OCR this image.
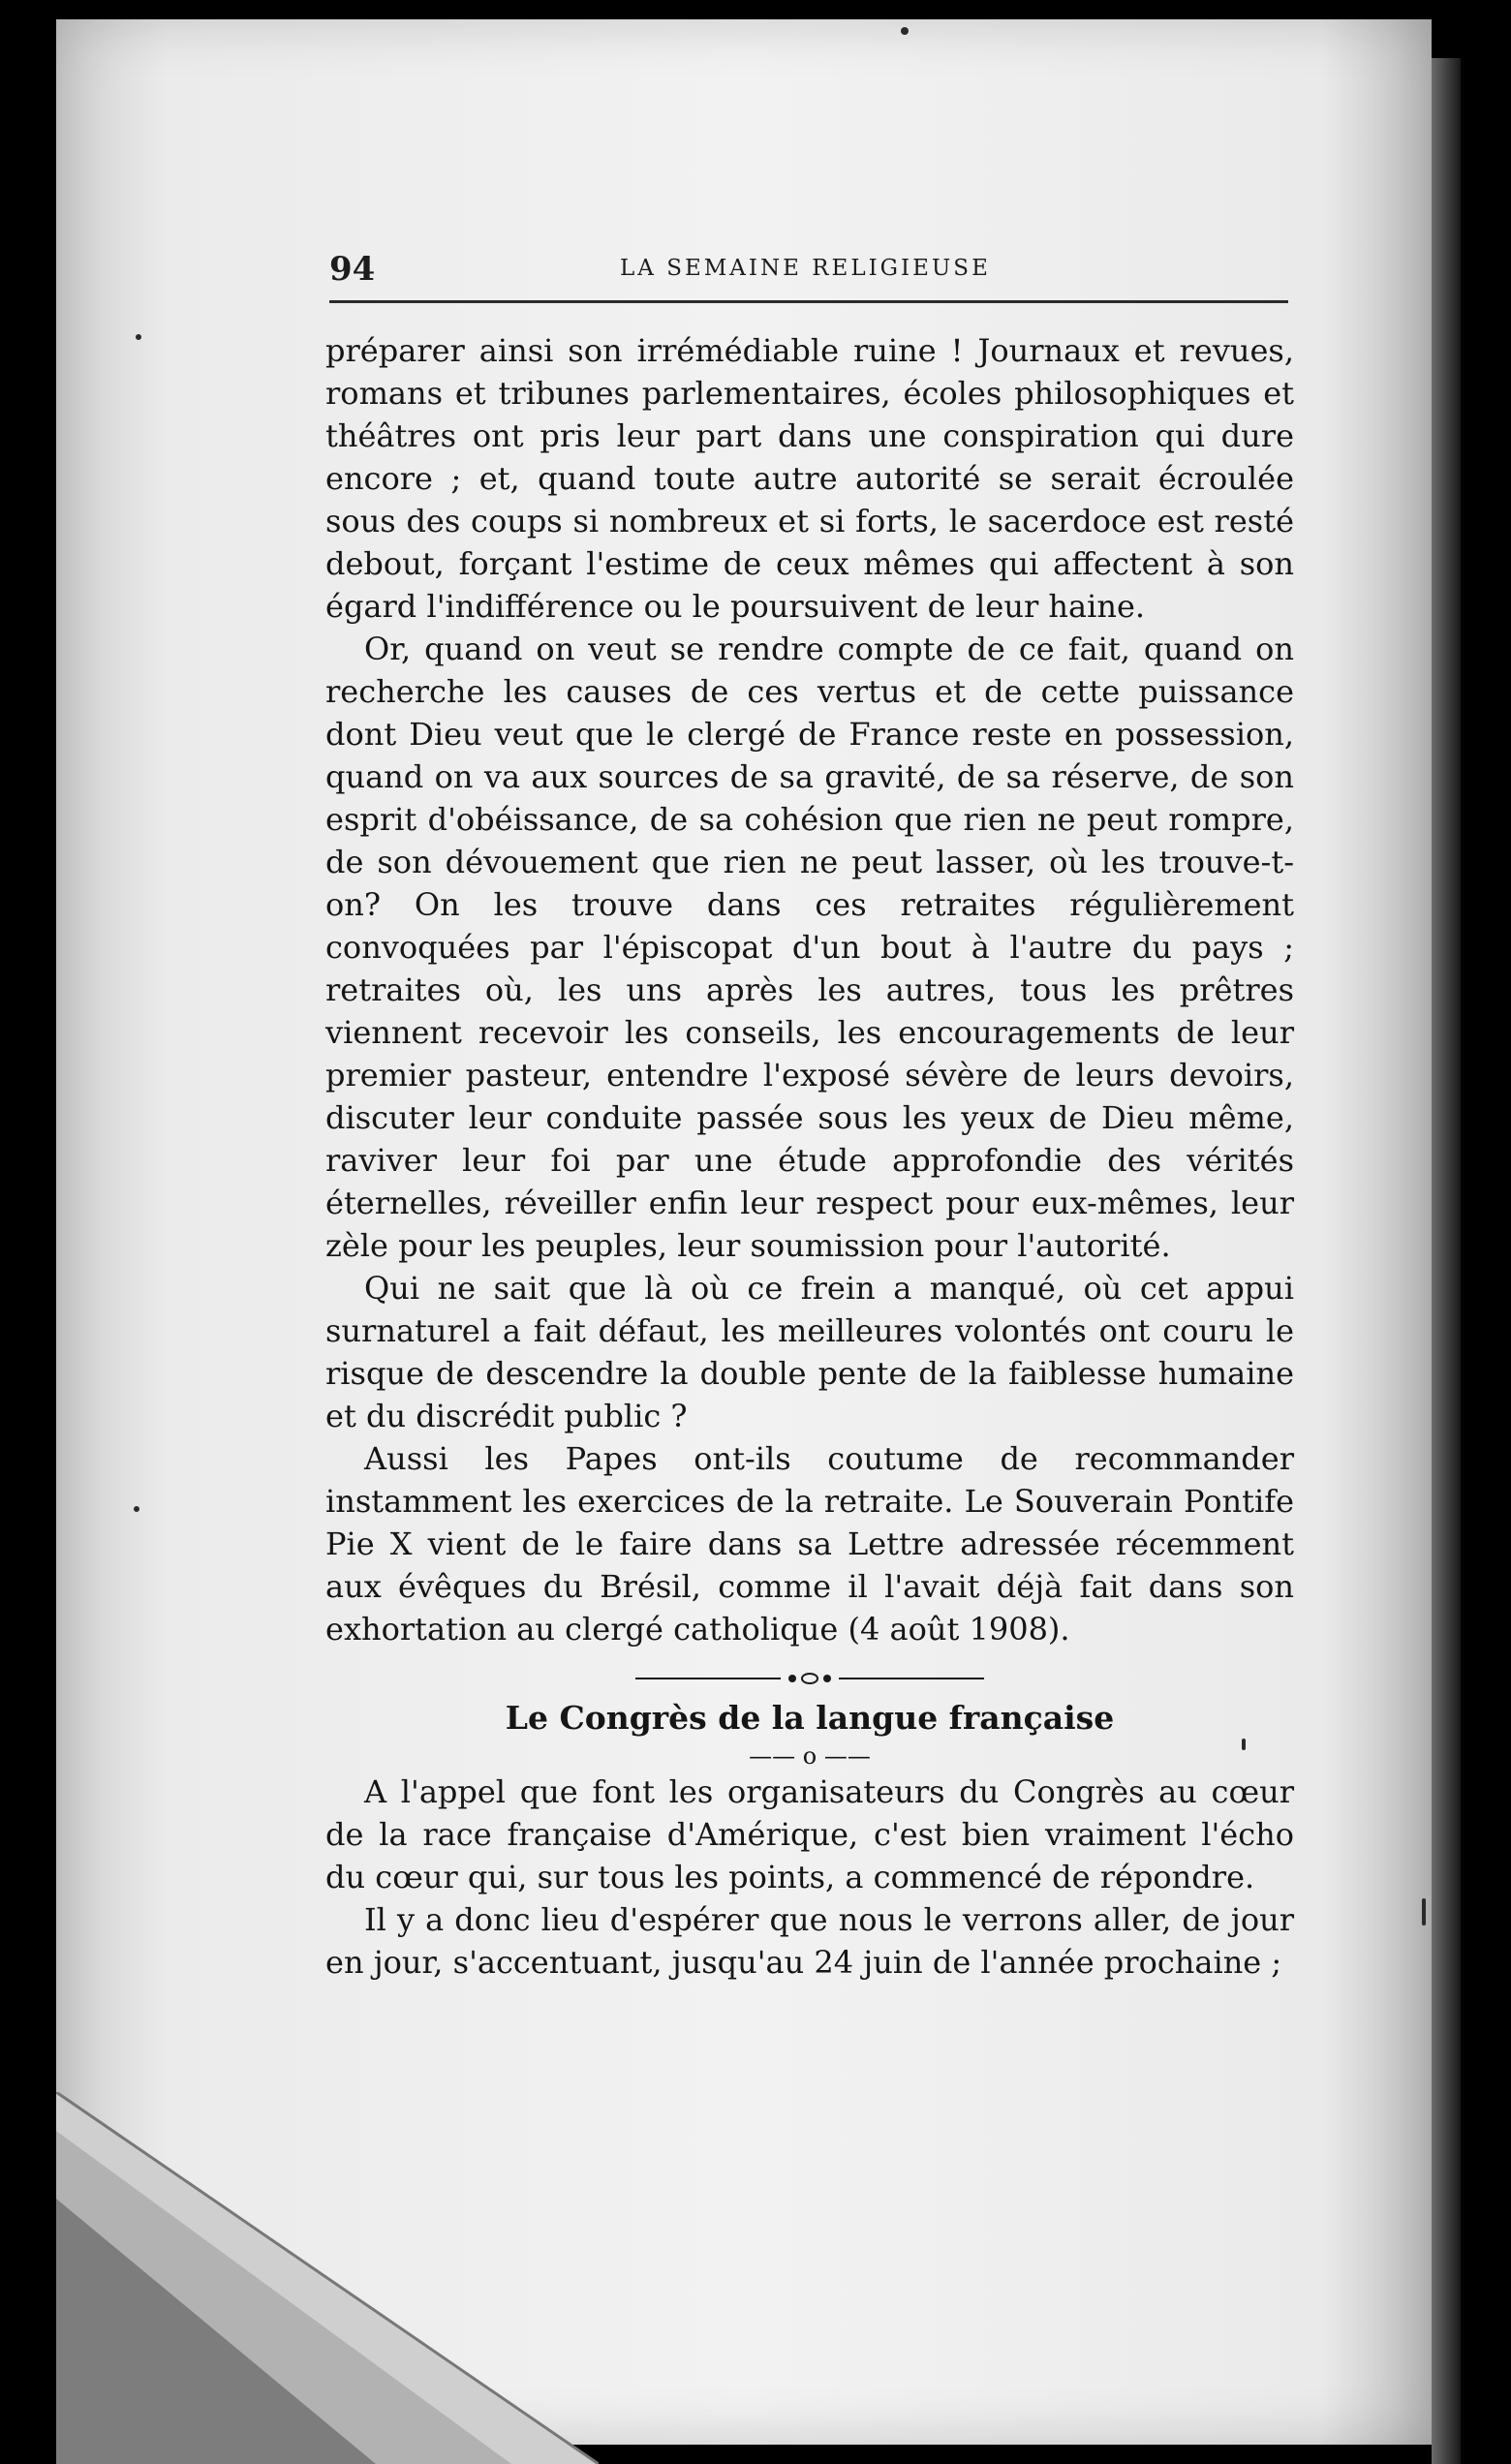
94	LA SEMAINE RELIGIEUSE

préparer ainsi son irrémédiable ruine ! Journaux et revues, romans et tribunes parlementaires, écoles philosophiques et théâtres ont pris leur part dans une conspiration qui dure encore ; et, quand toute autre autorité se serait écroulée sous des coups si nombreux et si forts, le sacerdoce est resté debout, forçant l'estime de ceux mêmes qui affectent à son égard l'indifférence ou le poursuivent de leur haine.

Or, quand on veut se rendre compte de ce fait, quand on recherche les causes de ces vertus et de cette puissance dont Dieu veut que le clergé de France reste en possession, quand on va aux sources de sa gravité, de sa réserve, de son esprit d'obéissance, de sa cohésion que rien ne peut rompre, de son dévouement que rien ne peut lasser, où les trouve-t-on? On les trouve dans ces retraites régulièrement convoquées par l'épiscopat d'un bout à l'autre du pays ; retraites où, les uns après les autres, tous les prêtres viennent recevoir les conseils, les encouragements de leur premier pasteur, entendre l'exposé sévère de leurs devoirs, discuter leur conduite passée sous les yeux de Dieu même, raviver leur foi par une étude approfondie des vérités éternelles, réveiller enfin leur respect pour eux-mêmes, leur zèle pour les peuples, leur soumission pour l'autorité.

Qui ne sait que là où ce frein a manqué, où cet appui surnaturel a fait défaut, les meilleures volontés ont couru le risque de descendre la double pente de la faiblesse humaine et du discrédit public ?

Aussi les Papes ont-ils coutume de recommander instamment les exercices de la retraite. Le Souverain Pontife Pie X vient de le faire dans sa Lettre adressée récemment aux évêques du Brésil, comme il l'avait déjà fait dans son exhortation au clergé catholique (4 août 1908).

Le Congrès de la langue française

—— o ——

A l'appel que font les organisateurs du Congrès au cœur de la race française d'Amérique, c'est bien vraiment l'écho du cœur qui, sur tous les points, a commencé de répondre.

Il y a donc lieu d'espérer que nous le verrons aller, de jour en jour, s'accentuant, jusqu'au 24 juin de l'année prochaine ;
